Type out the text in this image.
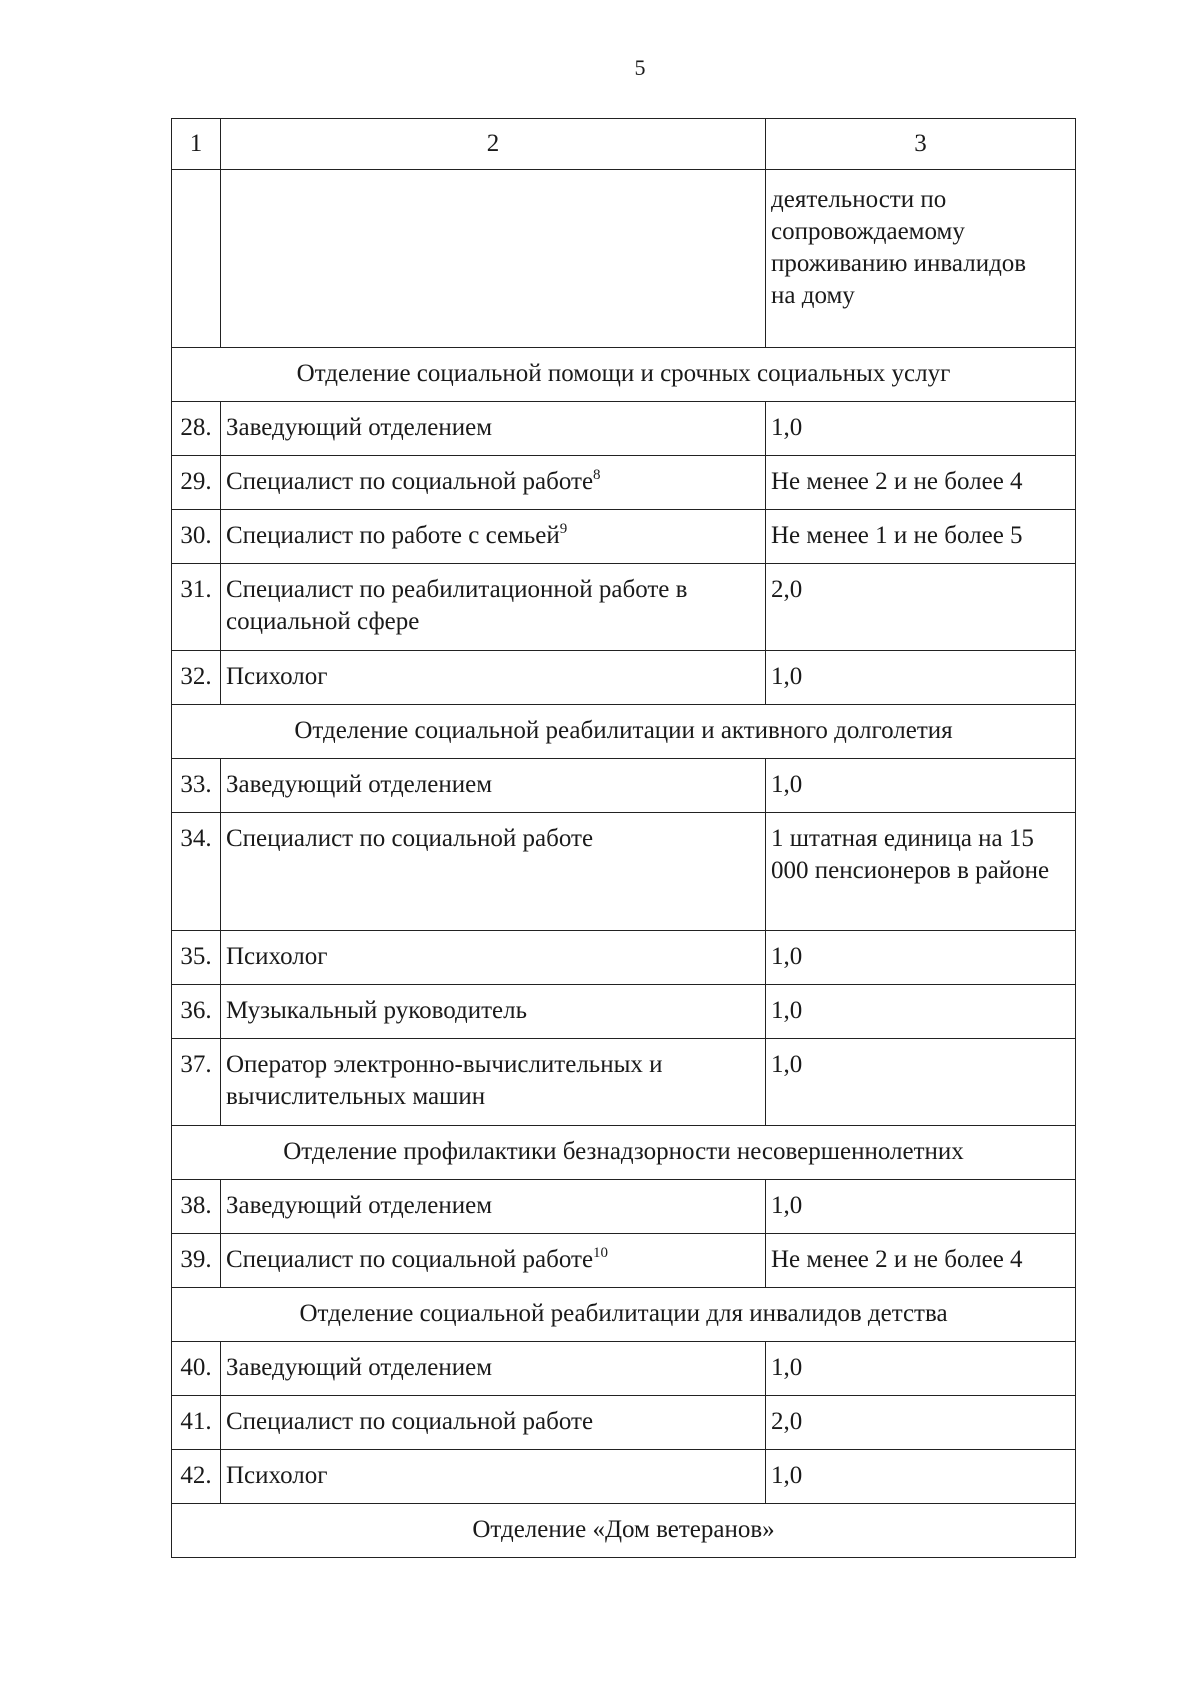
5
1	2	3
		деятельности по
сопровождаемому
проживанию инвалидов
на дому
Отделение социальной помощи и срочных социальных услуг		
28.	Заведующий отделением	1,0
29.	Специалист по социальной работе$^8$	Не менее 2 и не более 4
30.	Специалист по работе с семьей$^9$	Не менее 1 и не более 5
31.	Специалист по реабилитационной работе в социальной сфере	2,0
32.	Психолог	1,0
Отделение социальной реабилитации и активного долголетия		
33.	Заведующий отделением	1,0
34.	Специалист по социальной работе	1 штатная единица на 15 000 пенсионеров в районе
35.	Психолог	1,0
36.	Музыкальный руководитель	1,0
37.	Оператор электронно-вычислительных и вычислительных машин	1,0
Отделение профилактики безнадзорности несовершеннолетних		
38.	Заведующий отделением	1,0
39.	Специалист по социальной работе$^{10}$	Не менее 2 и не более 4
Отделение социальной реабилитации для инвалидов детства		
40.	Заведующий отделением	1,0
41.	Специалист по социальной работе	2,0
42.	Психолог	1,0
Отделение «Дом ветеранов»		
